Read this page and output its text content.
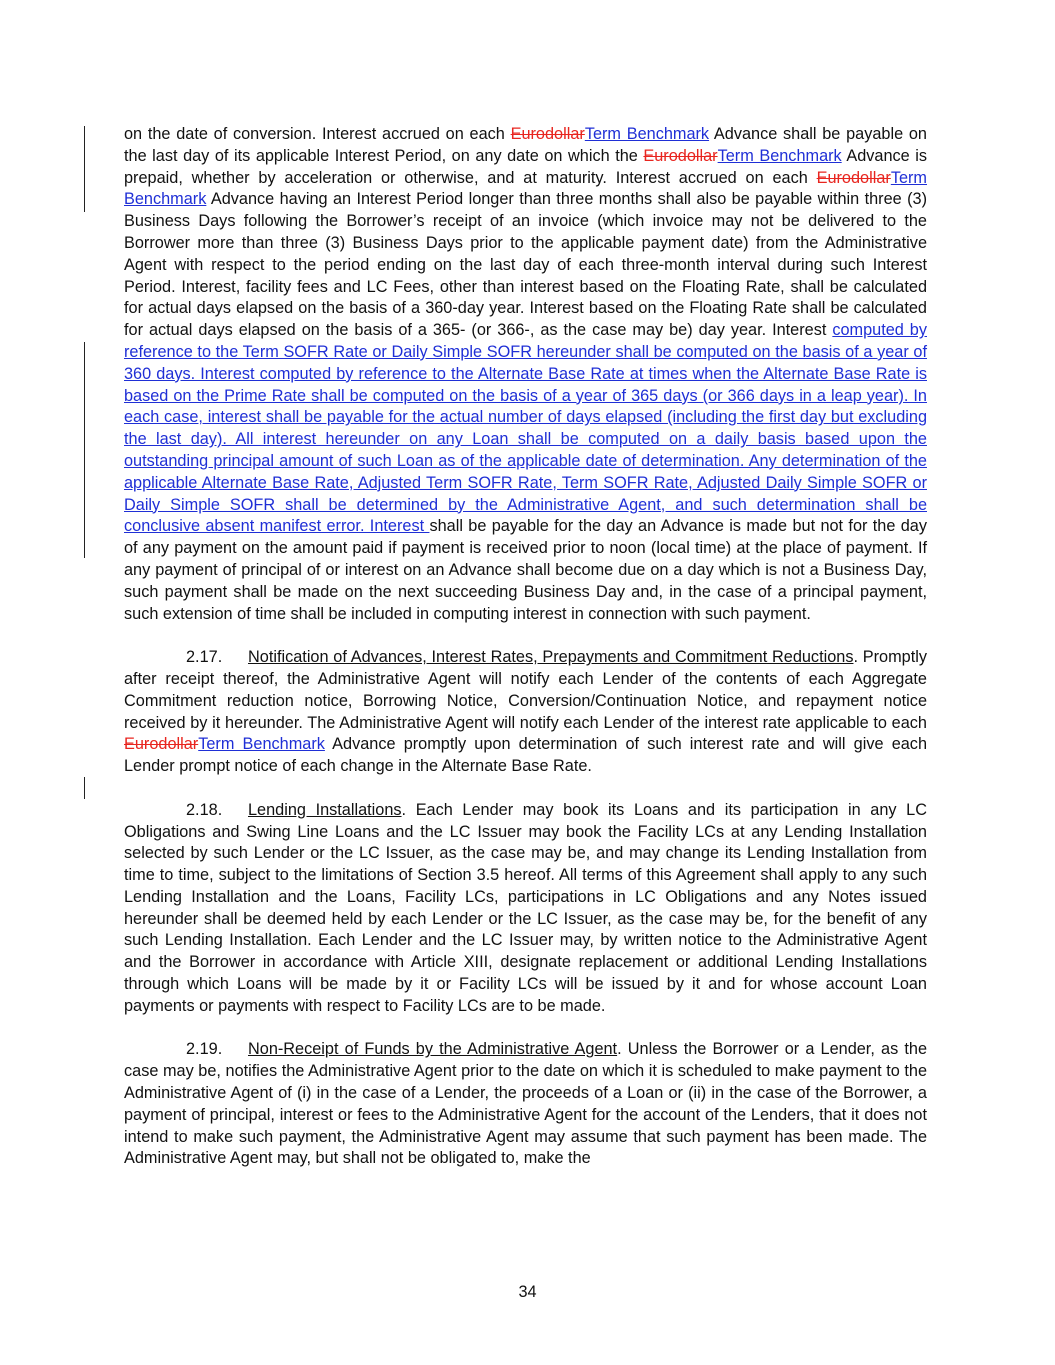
on the date of conversion. Interest accrued on each EurodollarTerm Benchmark Advance shall be payable on the last day of its applicable Interest Period, on any date on which the EurodollarTerm Benchmark Advance is prepaid, whether by acceleration or otherwise, and at maturity. Interest accrued on each EurodollarTerm Benchmark Advance having an Interest Period longer than three months shall also be payable within three (3) Business Days following the Borrower’s receipt of an invoice (which invoice may not be delivered to the Borrower more than three (3) Business Days prior to the applicable payment date) from the Administrative Agent with respect to the period ending on the last day of each three-month interval during such Interest Period. Interest, facility fees and LC Fees, other than interest based on the Floating Rate, shall be calculated for actual days elapsed on the basis of a 360-day year. Interest based on the Floating Rate shall be calculated for actual days elapsed on the basis of a 365- (or 366-, as the case may be) day year. Interest computed by reference to the Term SOFR Rate or Daily Simple SOFR hereunder shall be computed on the basis of a year of 360 days. Interest computed by reference to the Alternate Base Rate at times when the Alternate Base Rate is based on the Prime Rate shall be computed on the basis of a year of 365 days (or 366 days in a leap year). In each case, interest shall be payable for the actual number of days elapsed (including the first day but excluding the last day). All interest hereunder on any Loan shall be computed on a daily basis based upon the outstanding principal amount of such Loan as of the applicable date of determination. Any determination of the applicable Alternate Base Rate, Adjusted Term SOFR Rate, Term SOFR Rate, Adjusted Daily Simple SOFR or Daily Simple SOFR shall be determined by the Administrative Agent, and such determination shall be conclusive absent manifest error. Interest shall be payable for the day an Advance is made but not for the day of any payment on the amount paid if payment is received prior to noon (local time) at the place of payment. If any payment of principal of or interest on an Advance shall become due on a day which is not a Business Day, such payment shall be made on the next succeeding Business Day and, in the case of a principal payment, such extension of time shall be included in computing interest in connection with such payment.

2.17. Notification of Advances, Interest Rates, Prepayments and Commitment Reductions. Promptly after receipt thereof, the Administrative Agent will notify each Lender of the contents of each Aggregate Commitment reduction notice, Borrowing Notice, Conversion/Continuation Notice, and repayment notice received by it hereunder. The Administrative Agent will notify each Lender of the interest rate applicable to each EurodollarTerm Benchmark Advance promptly upon determination of such interest rate and will give each Lender prompt notice of each change in the Alternate Base Rate.

2.18. Lending Installations. Each Lender may book its Loans and its participation in any LC Obligations and Swing Line Loans and the LC Issuer may book the Facility LCs at any Lending Installation selected by such Lender or the LC Issuer, as the case may be, and may change its Lending Installation from time to time, subject to the limitations of Section 3.5 hereof. All terms of this Agreement shall apply to any such Lending Installation and the Loans, Facility LCs, participations in LC Obligations and any Notes issued hereunder shall be deemed held by each Lender or the LC Issuer, as the case may be, for the benefit of any such Lending Installation. Each Lender and the LC Issuer may, by written notice to the Administrative Agent and the Borrower in accordance with Article XIII, designate replacement or additional Lending Installations through which Loans will be made by it or Facility LCs will be issued by it and for whose account Loan payments or payments with respect to Facility LCs are to be made.

2.19. Non-Receipt of Funds by the Administrative Agent. Unless the Borrower or a Lender, as the case may be, notifies the Administrative Agent prior to the date on which it is scheduled to make payment to the Administrative Agent of (i) in the case of a Lender, the proceeds of a Loan or (ii) in the case of the Borrower, a payment of principal, interest or fees to the Administrative Agent for the account of the Lenders, that it does not intend to make such payment, the Administrative Agent may assume that such payment has been made. The Administrative Agent may, but shall not be obligated to, make the

34
